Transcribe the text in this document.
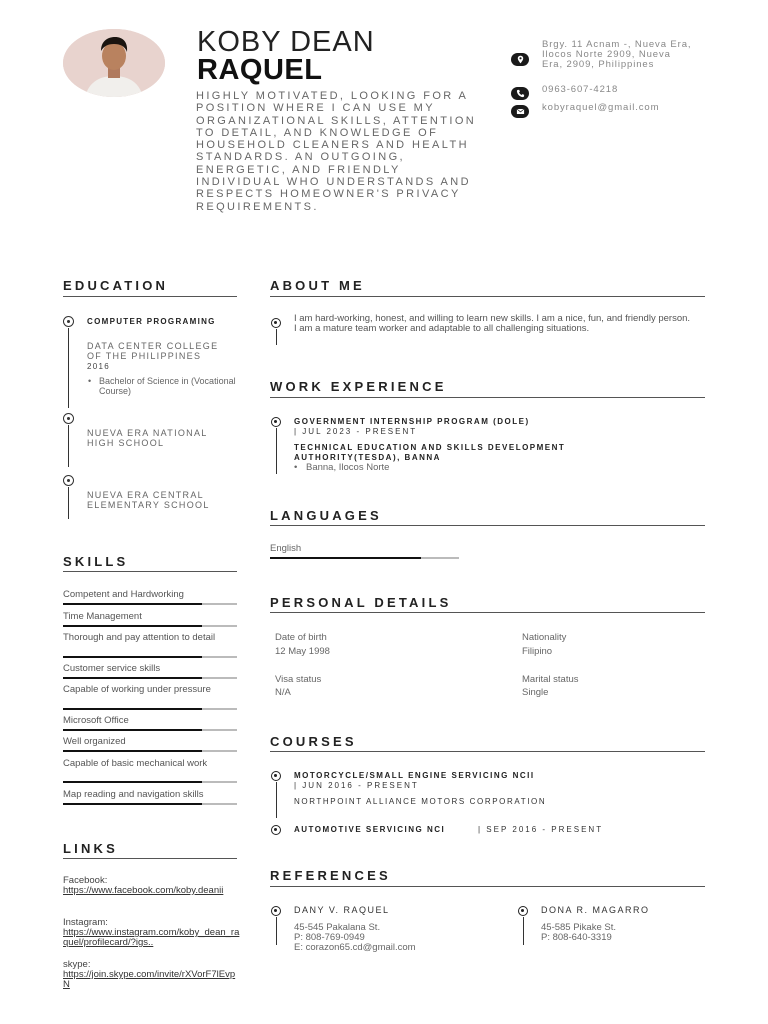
KOBY DEAN
RAQUEL
HIGHLY MOTIVATED, LOOKING FOR A POSITION WHERE I CAN USE MY ORGANIZATIONAL SKILLS, ATTENTION TO DETAIL, AND KNOWLEDGE OF HOUSEHOLD CLEANERS AND HEALTH STANDARDS. AN OUTGOING, ENERGETIC, AND FRIENDLY INDIVIDUAL WHO UNDERSTANDS AND RESPECTS HOMEOWNER'S PRIVACY REQUIREMENTS.
Brgy. 11 Acnam -, Nueva Era, Ilocos Norte 2909, Nueva Era, 2909, Philippines
0963-607-4218
kobyraquel@gmail.com
EDUCATION
COMPUTER PROGRAMING
DATA CENTER COLLEGE OF THE PHILIPPINES
2016
• Bachelor of Science in (Vocational Course)
NUEVA ERA NATIONAL HIGH SCHOOL
NUEVA ERA CENTRAL ELEMENTARY SCHOOL
SKILLS
Competent and Hardworking
Time Management
Thorough and pay attention to detail
Customer service skills
Capable of working under pressure
Microsoft Office
Well organized
Capable of basic mechanical work
Map reading and navigation skills
LINKS
Facebook:
https://www.facebook.com/koby.deanii
Instagram:
https://www.instagram.com/koby_dean_raquel/profilecard/?igs..
skype:
https://join.skype.com/invite/rXVorF7lEvpN
ABOUT ME
I am hard-working, honest, and willing to learn new skills. I am a nice, fun, and friendly person. I am a mature team worker and adaptable to all challenging situations.
WORK EXPERIENCE
GOVERNMENT INTERNSHIP PROGRAM (DOLE)
| JUL 2023 - PRESENT
TECHNICAL EDUCATION AND SKILLS DEVELOPMENT AUTHORITY(TESDA), BANNA
• Banna, Ilocos Norte
LANGUAGES
English
PERSONAL DETAILS
Date of birth
12 May 1998
Nationality
Filipino
Visa status
N/A
Marital status
Single
COURSES
MOTORCYCLE/SMALL ENGINE SERVICING NCII
| JUN 2016 - PRESENT
NORTHPOINT ALLIANCE MOTORS CORPORATION
AUTOMOTIVE SERVICING NCI	| SEP 2016 - PRESENT
REFERENCES
DANY V. RAQUEL
45-545 Pakalana St.
P: 808-769-0949
E: corazon65.cd@gmail.com
DONA R. MAGARRO
45-585 Pikake St.
P: 808-640-3319
